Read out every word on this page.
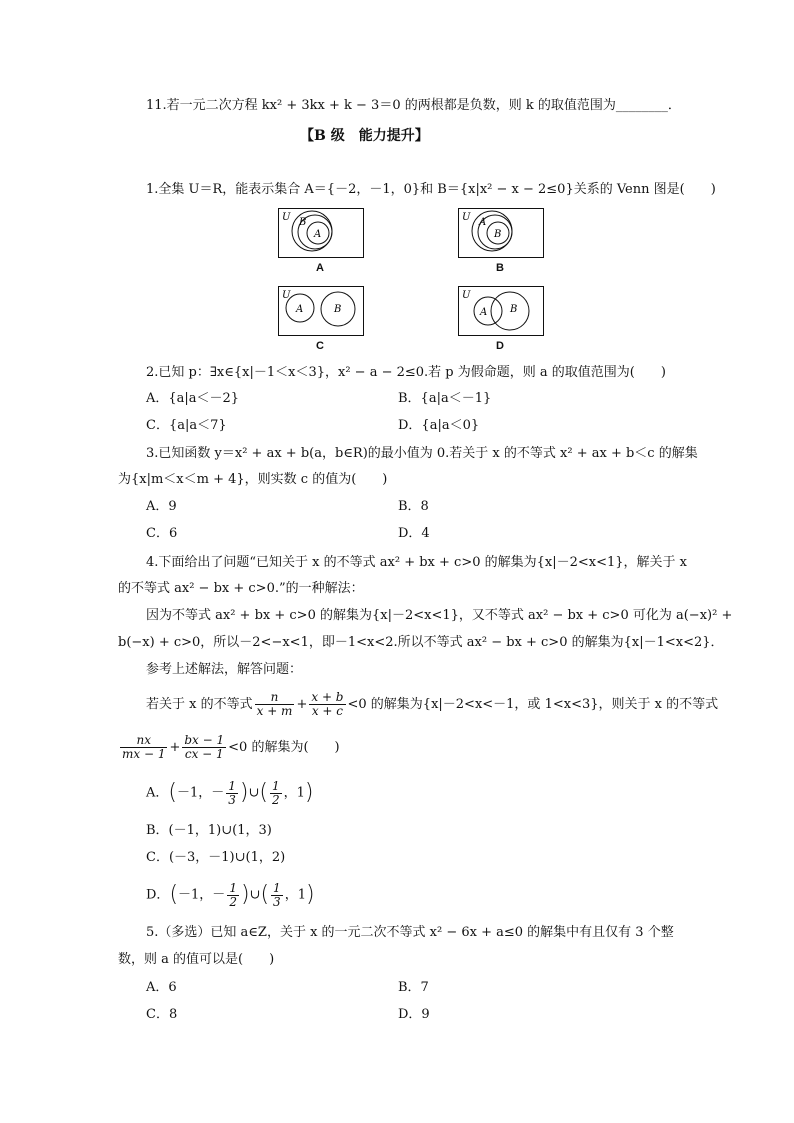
11.若一元二次方程 kx² + 3kx + k − 3＝0 的两根都是负数，则 k 的取值范围为________．
【B 级　能力提升】
1.全集 U＝R，能表示集合 A＝{－2，－1，0}和 B＝{x|x² − x − 2≤0}关系的 Venn 图是(　　)
U B
A
A
U A
B
B
U
A	B
C
U
A B
D
2.已知 p：∃x∈{x|－1＜x＜3}，x² − a − 2≤0.若 p 为假命题，则 a 的取值范围为(　　)
A．{a|a＜－2}	B．{a|a＜－1}
C．{a|a＜7}	D．{a|a＜0}
3.已知函数 y＝x² + ax + b(a，b∈R)的最小值为 0.若关于 x 的不等式 x² + ax + b＜c 的解集
为{x|m＜x＜m + 4}，则实数 c 的值为(　　)
A．9	B．8
C．6	D．4
4.下面给出了问题“已知关于 x 的不等式 ax² + bx + c>0 的解集为{x|－2<x<1}，解关于 x
的不等式 ax² − bx + c>0.”的一种解法：
因为不等式 ax² + bx + c>0 的解集为{x|－2<x<1}，又不等式 ax² − bx + c>0 可化为 a(−x)² +
b(−x) + c>0，所以－2<−x<1，即－1<x<2.所以不等式 ax² − bx + c>0 的解集为{x|－1<x<2}．
参考上述解法，解答问题：
若关于 x 的不等式 $\frac{n}{x + m} + \frac{x + b}{x + c} <0$ 的解集为{x|－2<x<－1，或 1<x<3}，则关于 x 的不等式
$\frac{nx}{mx - 1} + \frac{bx - 1}{cx - 1} <0$ 的解集为(　　)
A．(－1，－ $\frac{1}{3}$ )∪( $\frac{1}{2}$ ，1)
B．(－1，1)∪(1，3)
C．(－3，－1)∪(1，2)
D．(－1，－ $\frac{1}{2}$ )∪( $\frac{1}{3}$ ，1)
5.（多选）已知 a∈Z，关于 x 的一元二次不等式 x² − 6x + a≤0 的解集中有且仅有 3 个整
数，则 a 的值可以是(　　)
A．6	B．7
C．8	D．9
